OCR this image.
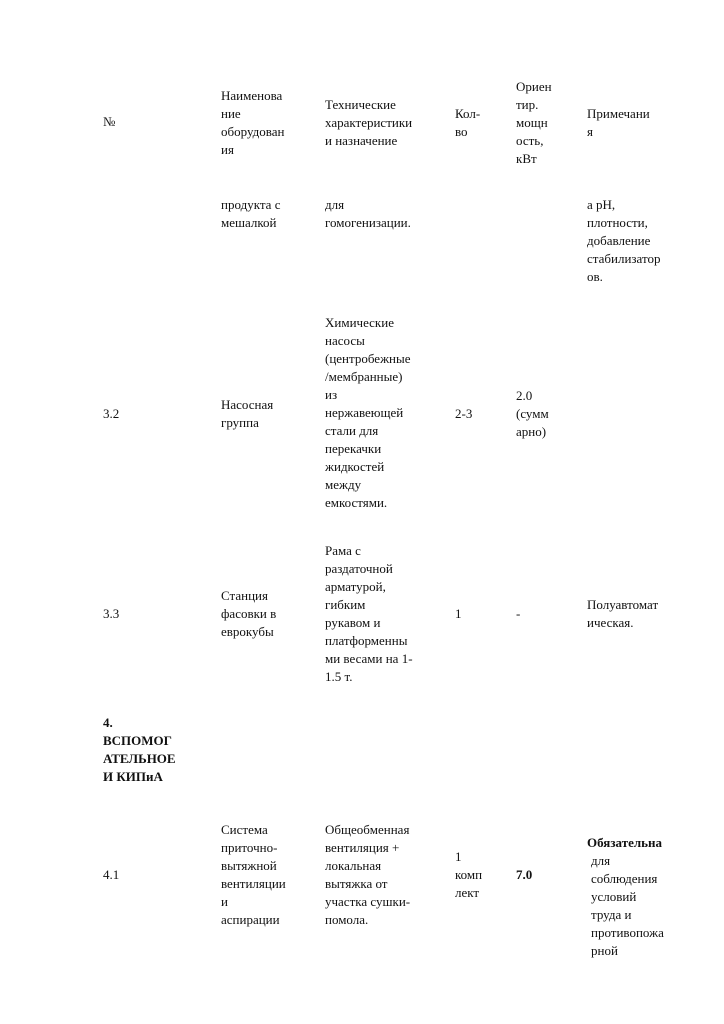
№
Наименова
ние
оборудован
ия
Технические
характеристики
и назначение
Кол-
во
Ориен
тир.
мощн
ость,
кВт
Примечани
я
продукта с
мешалкой
для
гомогенизации.
а pH,
плотности,
добавление
стабилизатор
ов.
3.2
Насосная
группа
Химические
насосы
(центробежные
/мембранные)
из
нержавеющей
стали для
перекачки
жидкостей
между
емкостями.
2-3
2.0
(сумм
арно)
3.3
Станция
фасовки в
еврокубы
Рама с
раздаточной
арматурой,
гибким
рукавом и
платформенны
ми весами на 1-
1.5 т.
1	-
Полуавтомат
ическая.
4.
ВСПОМОГ
АТЕЛЬНОЕ
И КИПиА
4.1
Система
приточно-
вытяжной
вентиляции
и
аспирации
Общеобменная
вентиляция +
локальная
вытяжка от
участка сушки-
помола.
1
комп
лект
7.0

Обязательна

для
соблюдения
условий
труда и
противопожа
рной
